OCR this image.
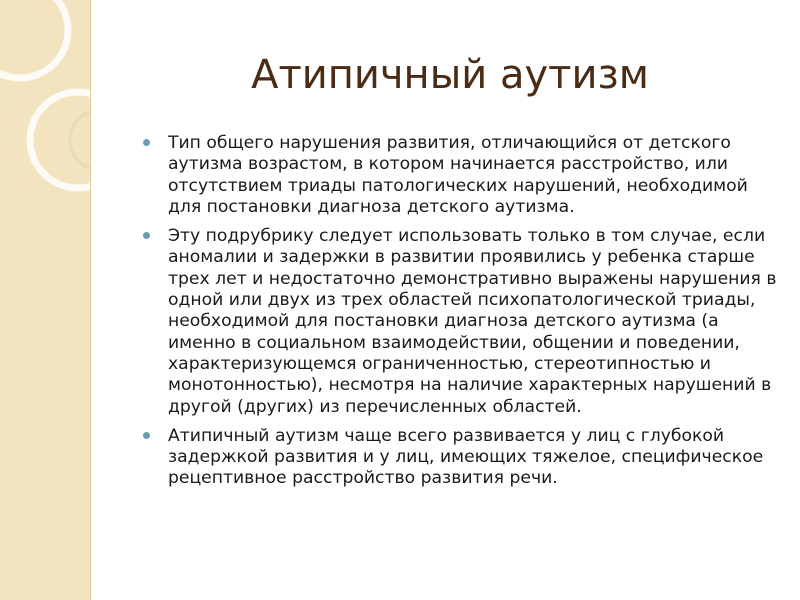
Атипичный аутизм
Тип общего нарушения развития, отличающийся от детского аутизма возрастом, в котором начинается расстройство, или отсутствием триады патологических нарушений, необходимой для постановки диагноза детского аутизма.
Эту подрубрику следует использовать только в том случае, если аномалии и задержки в развитии проявились у ребенка старше трех лет и недостаточно демонстративно выражены нарушения в одной или двух из трех областей психопатологической триады, необходимой для постановки диагноза детского аутизма (а именно в социальном взаимодействии, общении и поведении, характеризующемся ограниченностью, стереотипностью и монотонностью), несмотря на наличие характерных нарушений в другой (других) из перечисленных областей.
Атипичный аутизм чаще всего развивается у лиц с глубокой задержкой развития и у лиц, имеющих тяжелое, специфическое рецептивное расстройство развития речи.
